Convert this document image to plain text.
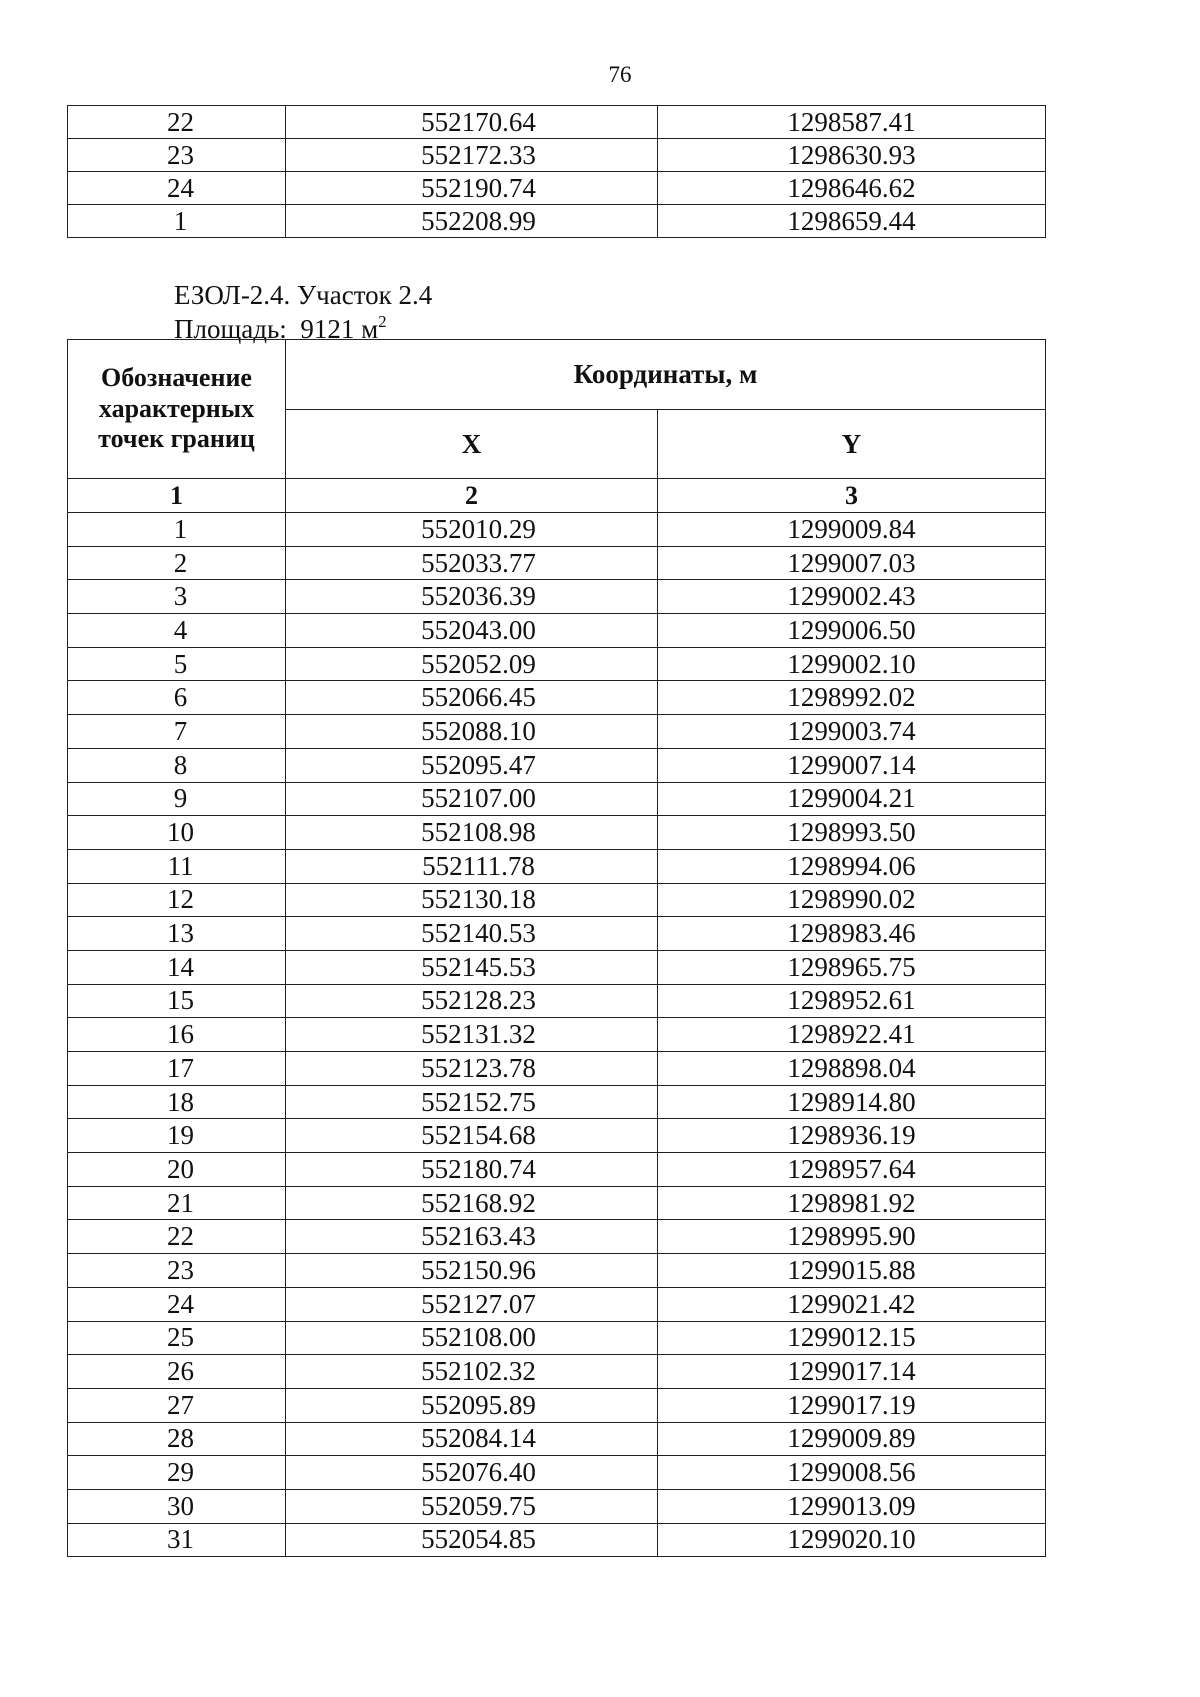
76
22	552170.64	1298587.41
23	552172.33	1298630.93
24	552190.74	1298646.62
1	552208.99	1298659.44
ЕЗОЛ-2.4. Участок 2.4
Площадь: 9121 $м^2$
Обозначение характерных точек границ	Координаты, м	
	X	Y
1	2	3
1	552010.29	1299009.84
2	552033.77	1299007.03
3	552036.39	1299002.43
4	552043.00	1299006.50
5	552052.09	1299002.10
6	552066.45	1298992.02
7	552088.10	1299003.74
8	552095.47	1299007.14
9	552107.00	1299004.21
10	552108.98	1298993.50
11	552111.78	1298994.06
12	552130.18	1298990.02
13	552140.53	1298983.46
14	552145.53	1298965.75
15	552128.23	1298952.61
16	552131.32	1298922.41
17	552123.78	1298898.04
18	552152.75	1298914.80
19	552154.68	1298936.19
20	552180.74	1298957.64
21	552168.92	1298981.92
22	552163.43	1298995.90
23	552150.96	1299015.88
24	552127.07	1299021.42
25	552108.00	1299012.15
26	552102.32	1299017.14
27	552095.89	1299017.19
28	552084.14	1299009.89
29	552076.40	1299008.56
30	552059.75	1299013.09
31	552054.85	1299020.10
